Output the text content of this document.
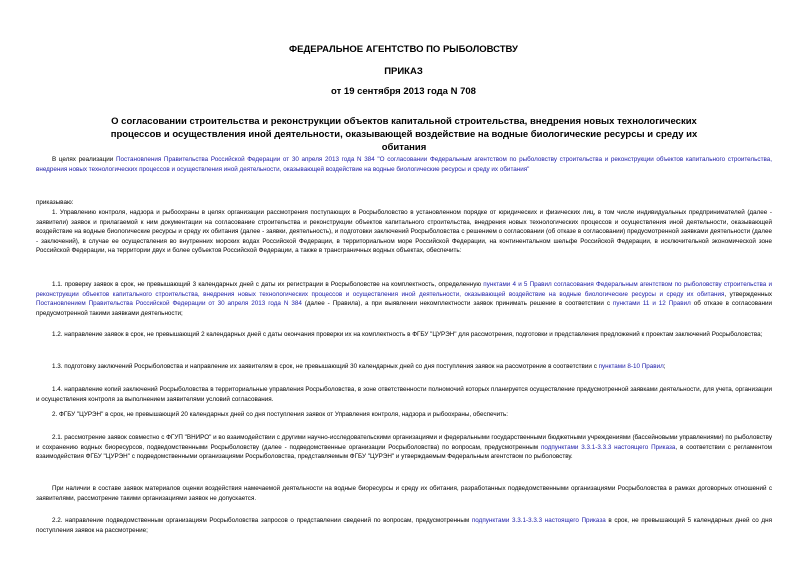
ФЕДЕРАЛЬНОЕ АГЕНТСТВО ПО РЫБОЛОВСТВУ
ПРИКАЗ
от 19 сентября 2013 года N 708
О согласовании строительства и реконструкции объектов капитальной строительства, внедрения новых технологических процессов и осуществления иной деятельности, оказывающей воздействие на водные биологические ресурсы и среду их обитания
В целях реализации Постановления Правительства Российской Федерации от 30 апреля 2013 года N 384 "О согласовании Федеральным агентством по рыболовству строительства и реконструкции объектов капитального строительства, внедрения новых технологических процессов и осуществления иной деятельности, оказывающей воздействие на водные биологические ресурсы и среду их обитания"
приказываю:
1. Управлению контроля, надзора и рыбоохраны в целях организации рассмотрения поступающих в Росрыболовство в установленном порядке от юридических и физических лиц, в том числе индивидуальных предпринимателей (далее - заявители) заявок и прилагаемой к ним документации на согласование строительства и реконструкции объектов капитального строительства, внедрения новых технологических процессов и осуществления иной деятельности, оказывающей воздействие на водные биологические ресурсы и среду их обитания (далее - заявки, деятельность), и подготовки заключений Росрыболовства с решением о согласовании (об отказе в согласовании) предусмотренной заявками деятельности (далее - заключений), в случае ее осуществления во внутренних морских водах Российской Федерации, в территориальном море Российской Федерации, на континентальном шельфе Российской Федерации, в исключительной экономической зоне Российской Федерации, на территории двух и более субъектов Российской Федерации, а также в трансграничных водных объектах, обеспечить:
1.1. проверку заявок в срок, не превышающий 3 календарных дней с даты их регистрации в Росрыболовстве на комплектность, определенную пунктами 4 и 5 Правил согласования Федеральным агентством по рыболовству строительства и реконструкции объектов капитального строительства, внедрения новых технологических процессов и осуществления иной деятельности, оказывающей воздействие на водные биологические ресурсы и среду их обитания, утвержденных Постановлением Правительства Российской Федерации от 30 апреля 2013 года N 384 (далее - Правила), а при выявлении некомплектности заявок принимать решение в соответствии с пунктами 11 и 12 Правил об отказе в согласовании предусмотренной такими заявками деятельности;
1.2. направление заявок в срок, не превышающий 2 календарных дней с даты окончания проверки их на комплектность в ФГБУ "ЦУРЭН" для рассмотрения, подготовки и представления предложений к проектам заключений Росрыболовства;
1.3. подготовку заключений Росрыболовства и направление их заявителям в срок, не превышающий 30 календарных дней со дня поступления заявок на рассмотрение в соответствии с пунктами 8-10 Правил;
1.4. направление копий заключений Росрыболовства в территориальные управления Росрыболовства, в зоне ответственности полномочий которых планируется осуществление предусмотренной заявками деятельности, для учета, организации и осуществления контроля за выполнением заявителями условий согласования.
2. ФГБУ "ЦУРЭН" в срок, не превышающий 20 календарных дней со дня поступления заявок от Управления контроля, надзора и рыбоохраны, обеспечить:
2.1. рассмотрение заявок совместно с ФГУП "ВНИРО" и во взаимодействии с другими научно-исследовательскими организациями и федеральными государственными бюджетными учреждениями (бассейновыми управлениями) по рыболовству и сохранению водных биоресурсов, подведомственными Росрыболовству (далее - подведомственные организации Росрыболовства) по вопросам, предусмотренным подпунктами 3.3.1-3.3.3 настоящего Приказа, в соответствии с регламентом взаимодействия ФГБУ "ЦУРЭН" с подведомственными организациями Росрыболовства, представляемым ФГБУ "ЦУРЭН" и утверждаемым Федеральным агентством по рыболовству.
При наличии в составе заявок материалов оценки воздействия намечаемой деятельности на водные биоресурсы и среду их обитания, разработанных подведомственными организациями Росрыболовства в рамках договорных отношений с заявителями, рассмотрение такими организациями заявок не допускается.
2.2. направление подведомственным организациям Росрыболовства запросов о представлении сведений по вопросам, предусмотренным подпунктами 3.3.1-3.3.3 настоящего Приказа в срок, не превышающий 5 календарных дней со дня поступления заявок на рассмотрение;
